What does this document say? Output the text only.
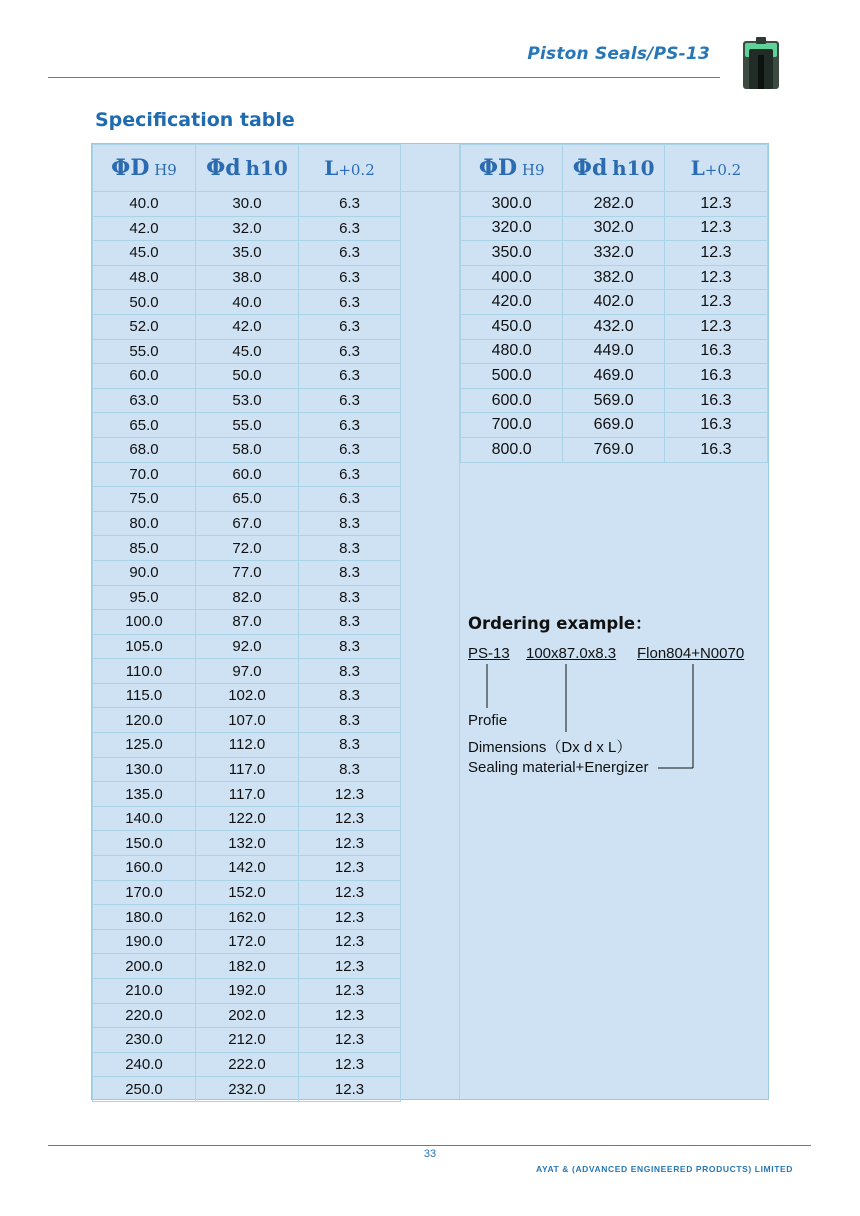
Piston Seals/PS-13
Specification table
ΦD H9	Φd h10	L+0.2
40.0	30.0	6.3
42.0	32.0	6.3
45.0	35.0	6.3
48.0	38.0	6.3
50.0	40.0	6.3
52.0	42.0	6.3
55.0	45.0	6.3
60.0	50.0	6.3
63.0	53.0	6.3
65.0	55.0	6.3
68.0	58.0	6.3
70.0	60.0	6.3
75.0	65.0	6.3
80.0	67.0	8.3
85.0	72.0	8.3
90.0	77.0	8.3
95.0	82.0	8.3
100.0	87.0	8.3
105.0	92.0	8.3
110.0	97.0	8.3
115.0	102.0	8.3
120.0	107.0	8.3
125.0	112.0	8.3
130.0	117.0	8.3
135.0	117.0	12.3
140.0	122.0	12.3
150.0	132.0	12.3
160.0	142.0	12.3
170.0	152.0	12.3
180.0	162.0	12.3
190.0	172.0	12.3
200.0	182.0	12.3
210.0	192.0	12.3
220.0	202.0	12.3
230.0	212.0	12.3
240.0	222.0	12.3
250.0	232.0	12.3
ΦD H9	Φd h10	L+0.2
300.0	282.0	12.3
320.0	302.0	12.3
350.0	332.0	12.3
400.0	382.0	12.3
420.0	402.0	12.3
450.0	432.0	12.3
480.0	449.0	16.3
500.0	469.0	16.3
600.0	569.0	16.3
700.0	669.0	16.3
800.0	769.0	16.3
Ordering example：
PS-13 100x87.0x8.3 Flon804+N0070
Profie
Dimensions（Dx d x L）
Sealing material+Energizer
33
AYAT & (ADVANCED ENGINEERED PRODUCTS) LIMITED
